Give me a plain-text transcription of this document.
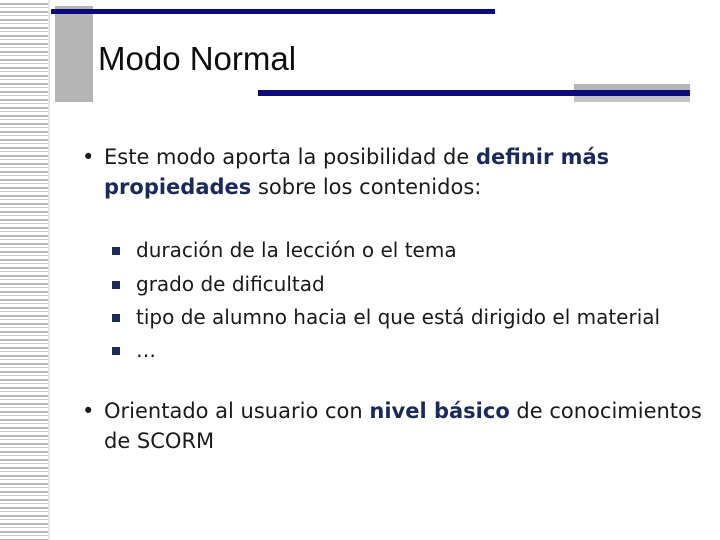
Modo Normal
• Este modo aporta la posibilidad de definir más propiedades sobre los contenidos:
duración de la lección o el tema
grado de dificultad
tipo de alumno hacia el que está dirigido el material
…
• Orientado al usuario con nivel básico de conocimientos de SCORM
